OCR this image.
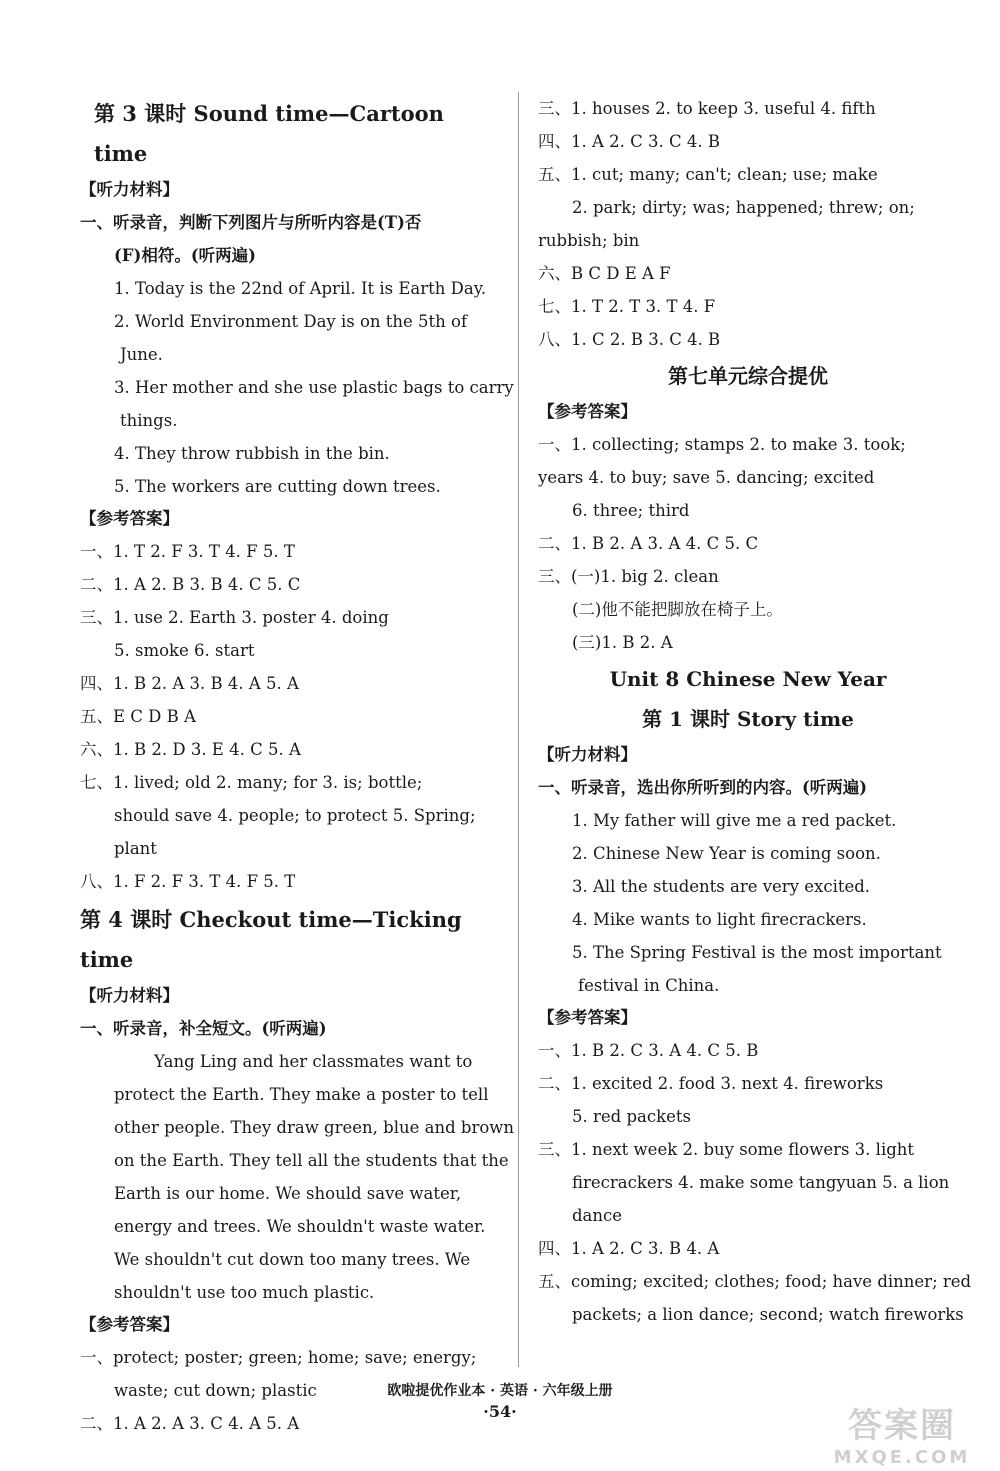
第 3 课时 Sound time—Cartoon time
【听力材料】
一、听录音，判断下列图片与所听内容是(T)否
(F)相符。(听两遍)
1. Today is the 22nd of April. It is Earth Day.
2. World Environment Day is on the 5th of
June.
3. Her mother and she use plastic bags to carry
things.
4. They throw rubbish in the bin.
5. The workers are cutting down trees.
【参考答案】
一、1. T 2. F 3. T 4. F 5. T
二、1. A 2. B 3. B 4. C 5. C
三、1. use 2. Earth 3. poster 4. doing
5. smoke 6. start
四、1. B 2. A 3. B 4. A 5. A
五、E C D B A
六、1. B 2. D 3. E 4. C 5. A
七、1. lived; old 2. many; for 3. is; bottle;
should save 4. people; to protect 5. Spring;
plant
八、1. F 2. F 3. T 4. F 5. T
第 4 课时 Checkout time—Ticking time
【听力材料】
一、听录音，补全短文。(听两遍)
Yang Ling and her classmates want to
protect the Earth. They make a poster to tell
other people. They draw green, blue and brown
on the Earth. They tell all the students that the
Earth is our home. We should save water,
energy and trees. We shouldn't waste water.
We shouldn't cut down too many trees. We
shouldn't use too much plastic.
【参考答案】
一、protect; poster; green; home; save; energy;
waste; cut down; plastic
二、1. A 2. A 3. C 4. A 5. A
三、1. houses 2. to keep 3. useful 4. fifth
四、1. A 2. C 3. C 4. B
五、1. cut; many; can't; clean; use; make
2. park; dirty; was; happened; threw; on;
rubbish; bin
六、B C D E A F
七、1. T 2. T 3. T 4. F
八、1. C 2. B 3. C 4. B
第七单元综合提优
【参考答案】
一、1. collecting; stamps 2. to make 3. took;
years 4. to buy; save 5. dancing; excited
6. three; third
二、1. B 2. A 3. A 4. C 5. C
三、(一)1. big 2. clean
(二)他不能把脚放在椅子上。
(三)1. B 2. A
Unit 8 Chinese New Year
第 1 课时 Story time
【听力材料】
一、听录音，选出你所听到的内容。(听两遍)
1. My father will give me a red packet.
2. Chinese New Year is coming soon.
3. All the students are very excited.
4. Mike wants to light firecrackers.
5. The Spring Festival is the most important
festival in China.
【参考答案】
一、1. B 2. C 3. A 4. C 5. B
二、1. excited 2. food 3. next 4. fireworks
5. red packets
三、1. next week 2. buy some flowers 3. light
firecrackers 4. make some tangyuan 5. a lion
dance
四、1. A 2. C 3. B 4. A
五、coming; excited; clothes; food; have dinner; red
packets; a lion dance; second; watch fireworks
欧啦提优作业本 · 英语 · 六年级上册
·54·	答案圈
MXQE.COM
